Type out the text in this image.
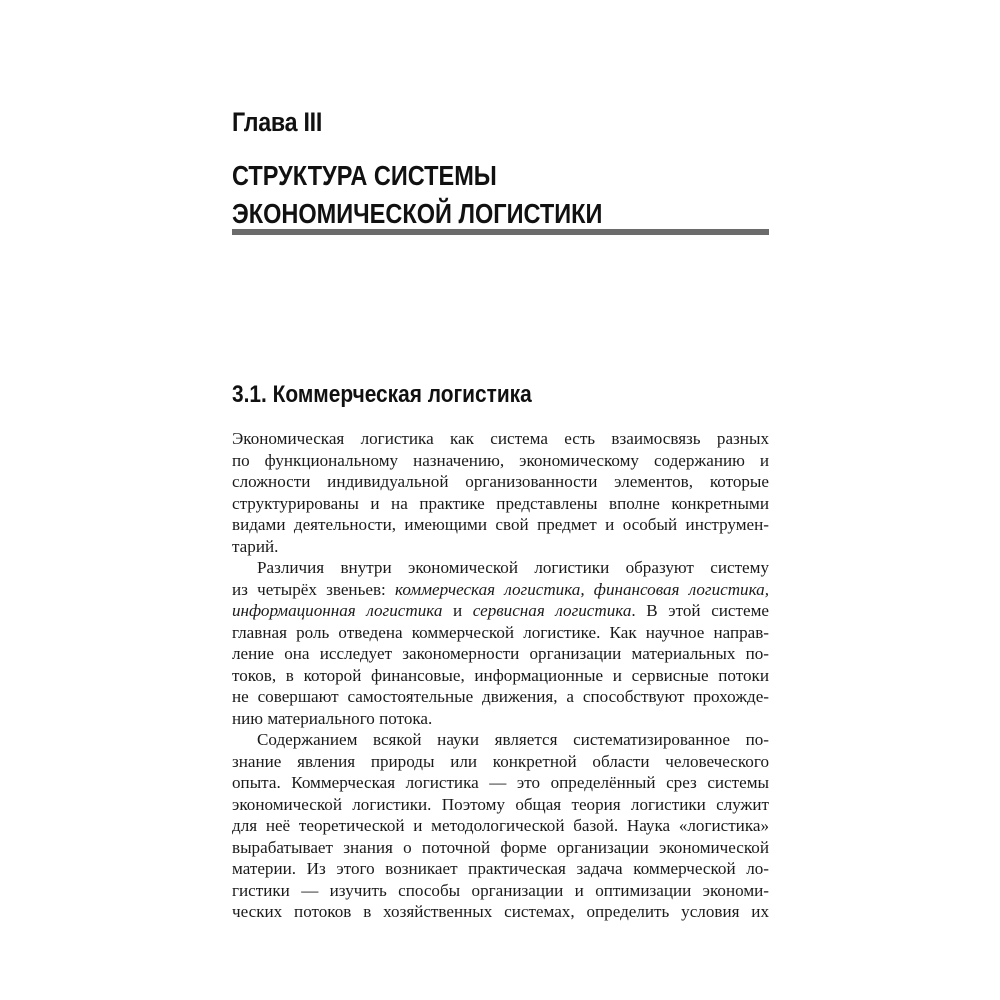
Глава III
СТРУКТУРА СИСТЕМЫ
ЭКОНОМИЧЕСКОЙ ЛОГИСТИКИ
3.1. Коммерческая логистика
Экономическая логистика как система есть взаимосвязь разных
по функциональному назначению, экономическому содержанию и
сложности индивидуальной организованности элементов, которые
структурированы и на практике представлены вполне конкретными
видами деятельности, имеющими свой предмет и особый инструмен-
тарий.
Различия внутри экономической логистики образуют систему
из четырёх звеньев: коммерческая логистика, финансовая логистика,
информационная логистика и сервисная логистика. В этой системе
главная роль отведена коммерческой логистике. Как научное направ-
ление она исследует закономерности организации материальных по-
токов, в которой финансовые, информационные и сервисные потоки
не совершают самостоятельные движения, а способствуют прохожде-
нию материального потока.
Содержанием всякой науки является систематизированное по-
знание явления природы или конкретной области человеческого
опыта. Коммерческая логистика — это определённый срез системы
экономической логистики. Поэтому общая теория логистики служит
для неё теоретической и методологической базой. Наука «логистика»
вырабатывает знания о поточной форме организации экономической
материи. Из этого возникает практическая задача коммерческой ло-
гистики — изучить способы организации и оптимизации экономи-
ческих потоков в хозяйственных системах, определить условия их
